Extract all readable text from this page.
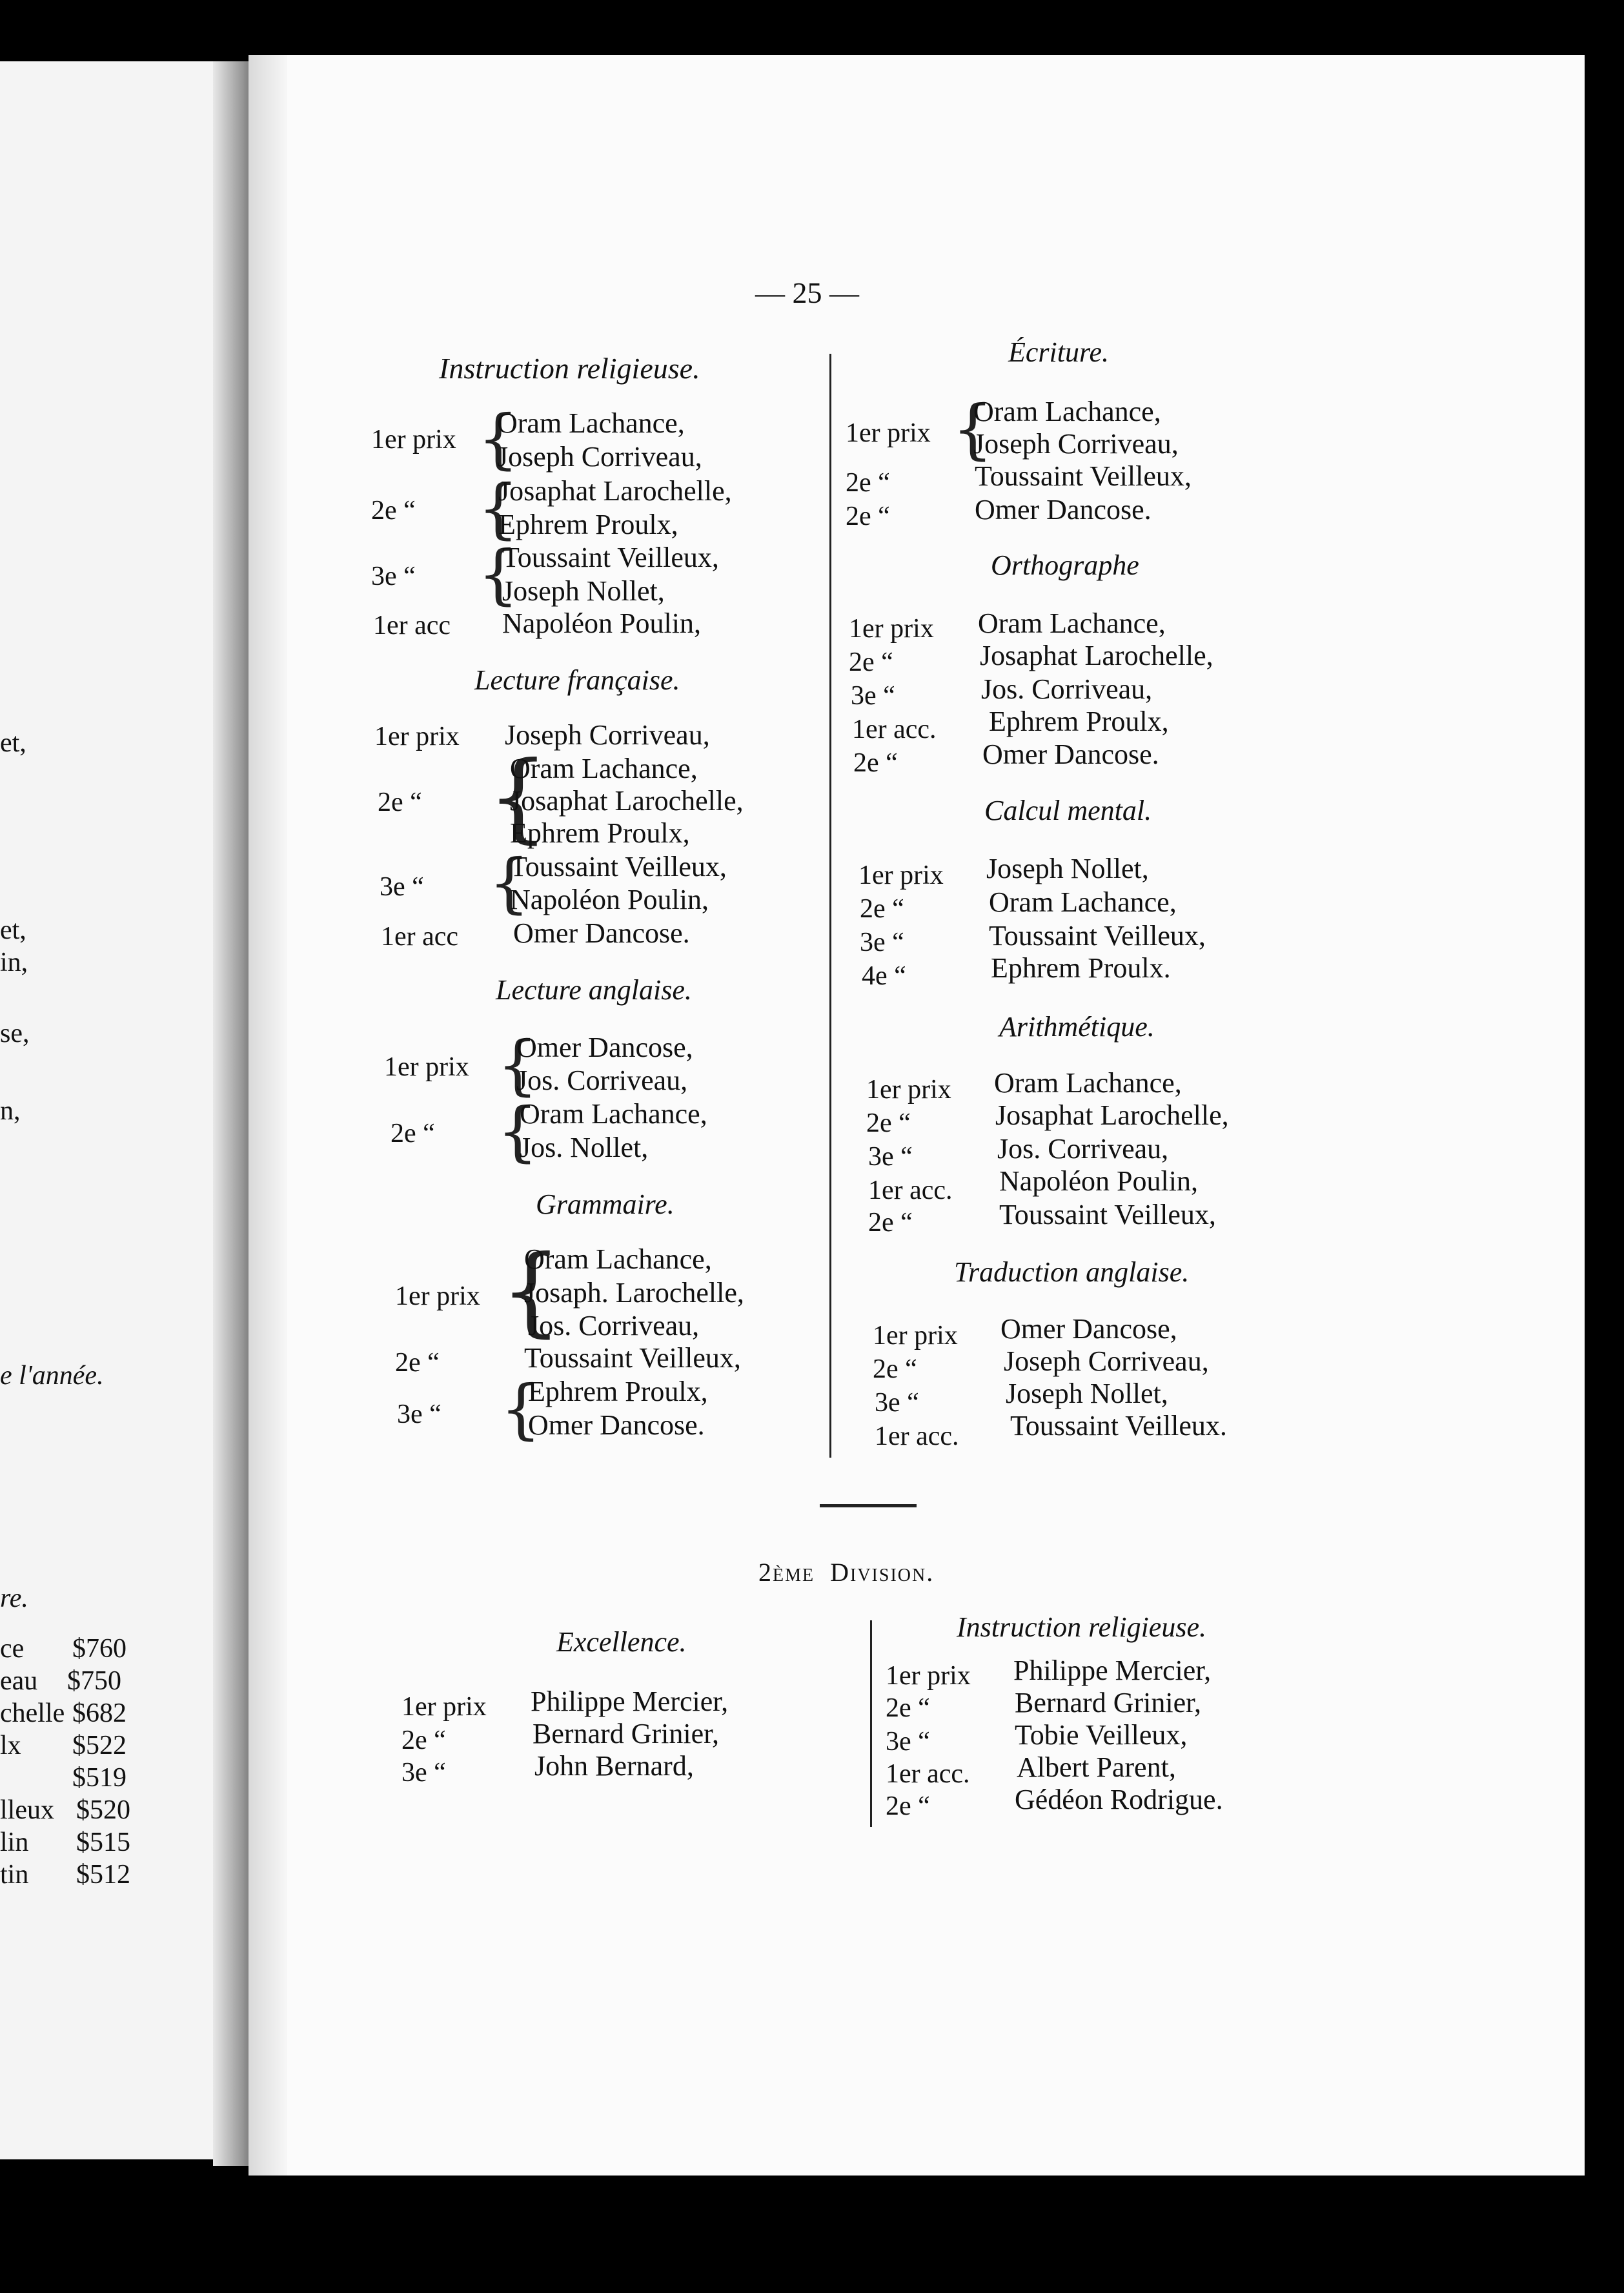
et,
et,
in,
se,
n,
e l'année.
re.
ce $760
eau $750
chelle $682
lx $522
$519
lleux $520
lin $515
tin $512
— 25 —
Instruction religieuse.
1er prix {
Oram Lachance,
Joseph Corriveau,
2e “ {
Josaphat Larochelle,
Ephrem Proulx,
3e “ {
Toussaint Veilleux,
Joseph Nollet,
1er acc Napoléon Poulin,
Lecture française.
1er prix Joseph Corriveau,
2e “ {
Oram Lachance,
Josaphat Larochelle,
Ephrem Proulx,
3e “ {
Toussaint Veilleux,
Napoléon Poulin,
1er acc Omer Dancose.
Lecture anglaise.
1er prix {
Omer Dancose,
Jos. Corriveau,
2e “ {
Oram Lachance,
Jos. Nollet,
Grammaire.
1er prix {
Oram Lachance,
Josaph. Larochelle,
Jos. Corriveau,
2e “	Toussaint Veilleux,
3e “ {
Ephrem Proulx,
Omer Dancose.
Écriture.
1er prix {
Oram Lachance,
Joseph Corriveau,
2e “	Toussaint Veilleux,
2e “	Omer Dancose.
Orthographe
1er prix Oram Lachance,
2e “	Josaphat Larochelle,
3e “	Jos. Corriveau,
1er acc. Ephrem Proulx,
2e “	Omer Dancose.
Calcul mental.
1er prix Joseph Nollet,
2e “	Oram Lachance,
3e “	Toussaint Veilleux,
4e “	Ephrem Proulx.
Arithmétique.
1er prix Oram Lachance,
2e “	Josaphat Larochelle,
3e “	Jos. Corriveau,
1er acc. Napoléon Poulin,
2e “	Toussaint Veilleux,
Traduction anglaise.
1er prix Omer Dancose,
2e “	Joseph Corriveau,
3e “	Joseph Nollet,
1er acc. Toussaint Veilleux.
2ème Division.
Excellence.
1er prix Philippe Mercier,
2e “	Bernard Grinier,
3e “	John Bernard,
Instruction religieuse.
1er prix Philippe Mercier,
2e “	Bernard Grinier,
3e “	Tobie Veilleux,
1er acc. Albert Parent,
2e “	Gédéon Rodrigue.
